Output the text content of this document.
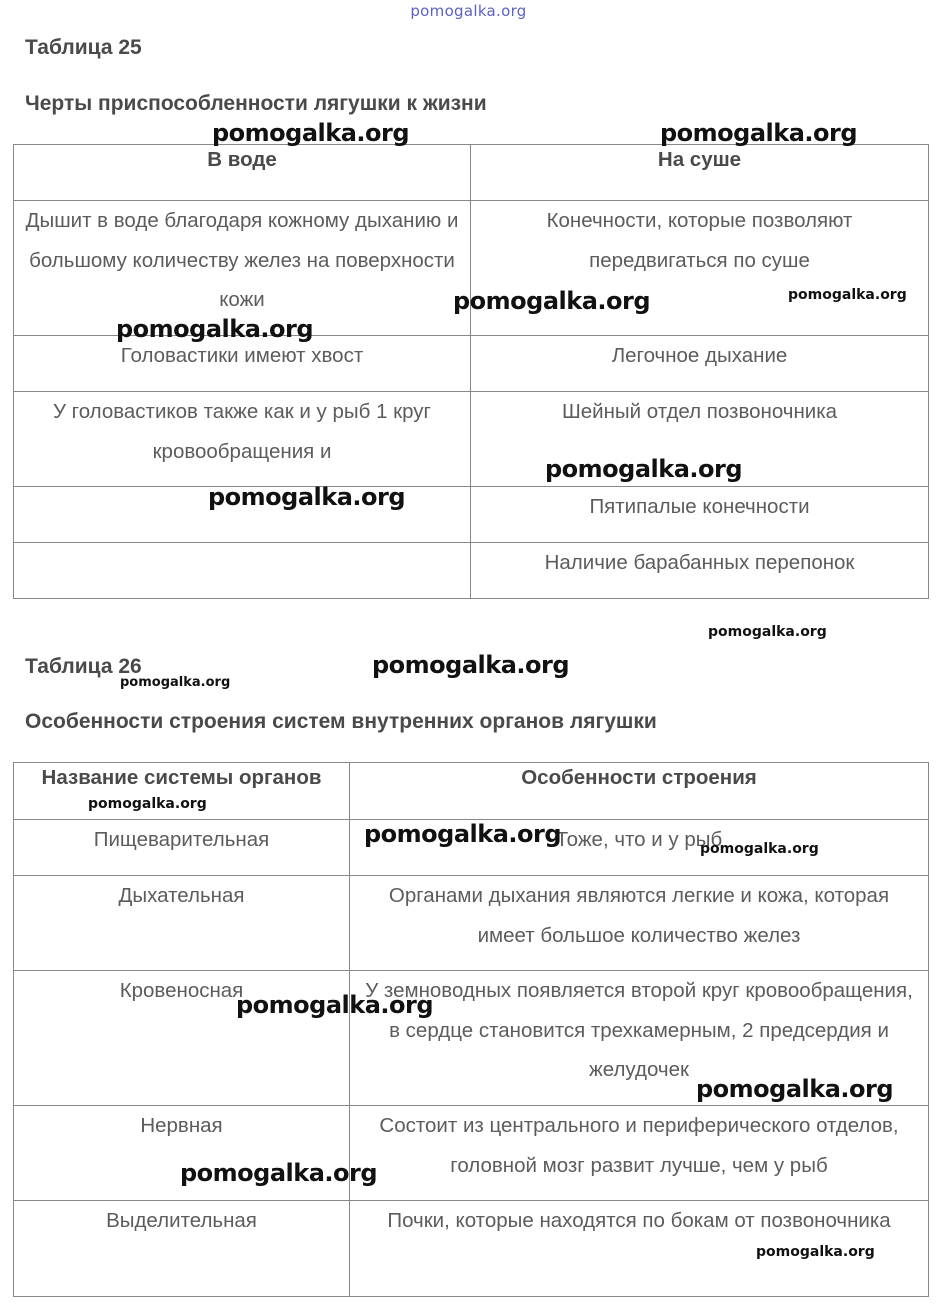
pomogalka.org
Таблица 25
Черты приспособленности лягушки к жизни
В воде	На суше
Дышит в воде благодаря кожному дыханию и большому количеству желез на поверхности кожи	Конечности, которые позволяют передвигаться по суше
Головастики имеют хвост	Легочное дыхание
У головастиков также как и у рыб 1 круг кровообращения и	Шейный отдел позвоночника
	Пятипалые конечности
	Наличие барабанных перепонок
Таблица 26
Особенности строения систем внутренних органов лягушки
Название системы органов	Особенности строения
Пищеварительная	Тоже, что и у рыб
Дыхательная	Органами дыхания являются легкие и кожа, которая имеет большое количество желез
Кровеносная	У земноводных появляется второй круг кровообращения, в сердце становится трехкамерным, 2 предсердия и желудочек
Нервная	Состоит из центрального и периферического отделов, головной мозг развит лучше, чем у рыб
Выделительная	Почки, которые находятся по бокам от позвоночника
pomogalka.org	pomogalka.org
pomogalka.org	pomogalka.org
pomogalka.org
pomogalka.org
pomogalka.org
pomogalka.org
pomogalka.org
pomogalka.org
pomogalka.org
pomogalka.org
pomogalka.org
pomogalka.org
pomogalka.org
pomogalka.org
pomogalka.org
